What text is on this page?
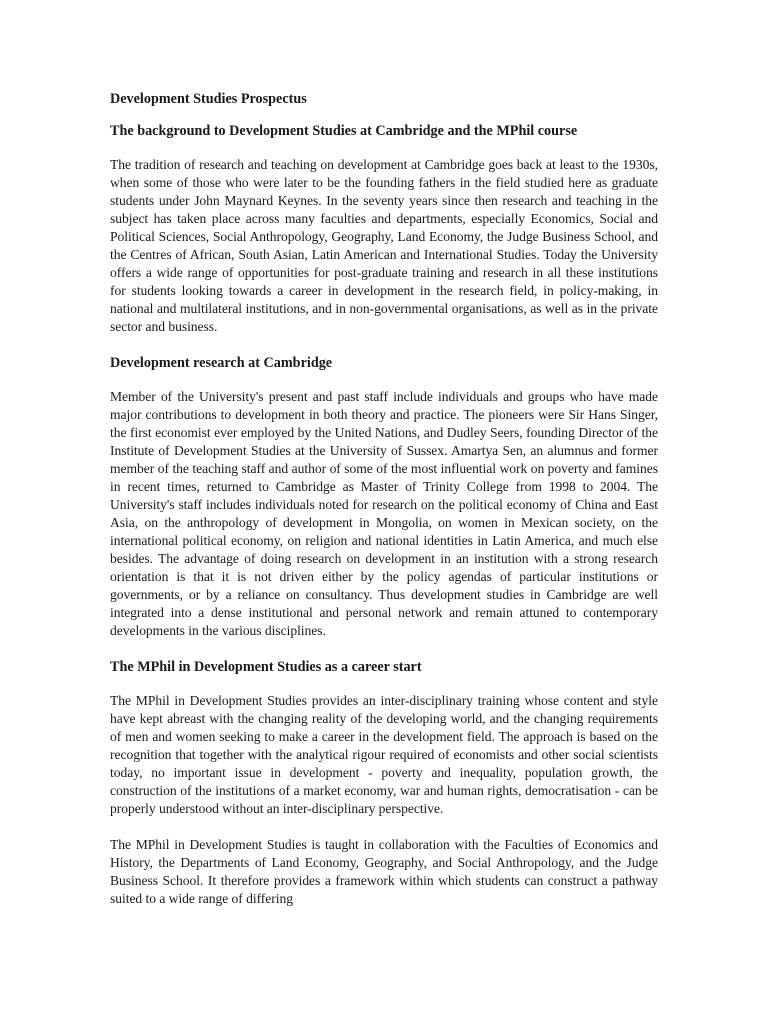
Development Studies Prospectus

The background to Development Studies at Cambridge and the MPhil course

The tradition of research and teaching on development at Cambridge goes back at least to the 1930s, when some of those who were later to be the founding fathers in the field studied here as graduate students under John Maynard Keynes. In the seventy years since then research and teaching in the subject has taken place across many faculties and departments, especially Economics, Social and Political Sciences, Social Anthropology, Geography, Land Economy, the Judge Business School, and the Centres of African, South Asian, Latin American and International Studies. Today the University offers a wide range of opportunities for post-graduate training and research in all these institutions for students looking towards a career in development in the research field, in policy-making, in national and multilateral institutions, and in non-governmental organisations, as well as in the private sector and business.

Development research at Cambridge

Member of the University's present and past staff include individuals and groups who have made major contributions to development in both theory and practice. The pioneers were Sir Hans Singer, the first economist ever employed by the United Nations, and Dudley Seers, founding Director of the Institute of Development Studies at the University of Sussex. Amartya Sen, an alumnus and former member of the teaching staff and author of some of the most influential work on poverty and famines in recent times, returned to Cambridge as Master of Trinity College from 1998 to 2004. The University's staff includes individuals noted for research on the political economy of China and East Asia, on the anthropology of development in Mongolia, on women in Mexican society, on the international political economy, on religion and national identities in Latin America, and much else besides. The advantage of doing research on development in an institution with a strong research orientation is that it is not driven either by the policy agendas of particular institutions or governments, or by a reliance on consultancy. Thus development studies in Cambridge are well integrated into a dense institutional and personal network and remain attuned to contemporary developments in the various disciplines.

The MPhil in Development Studies as a career start

The MPhil in Development Studies provides an inter-disciplinary training whose content and style have kept abreast with the changing reality of the developing world, and the changing requirements of men and women seeking to make a career in the development field. The approach is based on the recognition that together with the analytical rigour required of economists and other social scientists today, no important issue in development - poverty and inequality, population growth, the construction of the institutions of a market economy, war and human rights, democratisation - can be properly understood without an inter-disciplinary perspective.

The MPhil in Development Studies is taught in collaboration with the Faculties of Economics and History, the Departments of Land Economy, Geography, and Social Anthropology, and the Judge Business School. It therefore provides a framework within which students can construct a pathway suited to a wide range of differing
